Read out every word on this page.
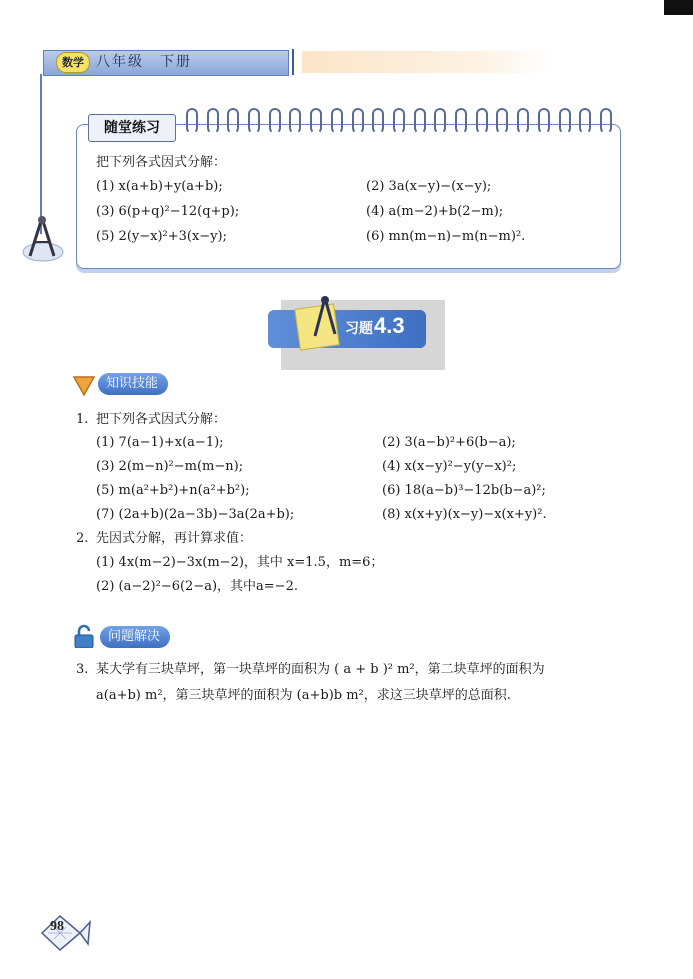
数学 八年级　下册
随堂练习
把下列各式因式分解：
(1) x(a+b)+y(a+b);	(2) 3a(x−y)−(x−y);
(3) 6(p+q)²−12(q+p);	(4) a(m−2)+b(2−m);
(5) 2(y−x)²+3(x−y);	(6) mn(m−n)−m(n−m)².
习题 4.3
知识技能
1. 把下列各式因式分解：
(1) 7(a−1)+x(a−1);	(2) 3(a−b)²+6(b−a);
(3) 2(m−n)²−m(m−n);	(4) x(x−y)²−y(y−x)²;
(5) m(a²+b²)+n(a²+b²);	(6) 18(a−b)³−12b(b−a)²;
(7) (2a+b)(2a−3b)−3a(2a+b);	(8) x(x+y)(x−y)−x(x+y)².
2. 先因式分解，再计算求值：
(1) 4x(m−2)−3x(m−2)，其中 x=1.5，m=6；
(2) (a−2)²−6(2−a)，其中a=−2.
问题解决
3. 某大学有三块草坪，第一块草坪的面积为 ( a + b )² m²，第二块草坪的面积为
a(a+b) m²，第三块草坪的面积为 (a+b)b m²，求这三块草坪的总面积.
98
